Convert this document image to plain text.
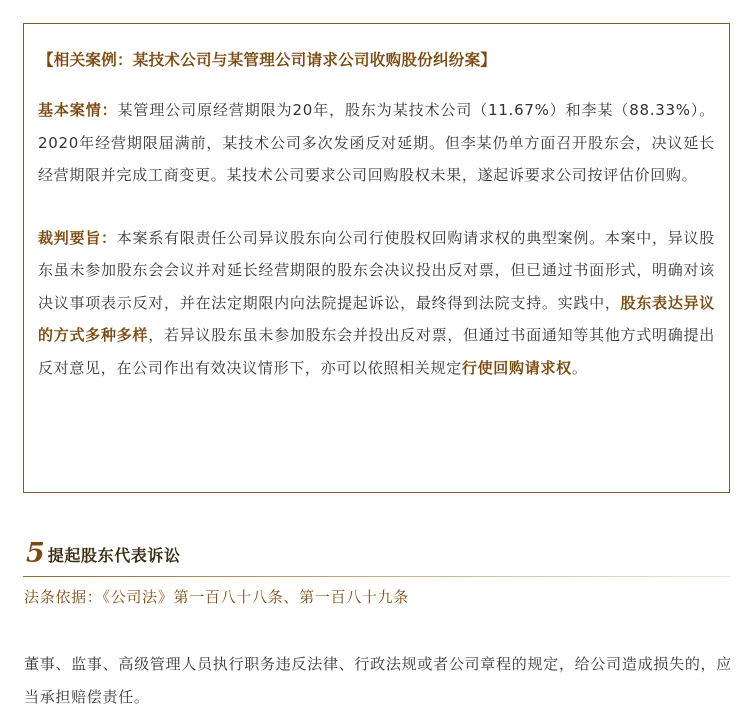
【相关案例：某技术公司与某管理公司请求公司收购股份纠纷案】
基本案情：某管理公司原经营期限为20年，股东为某技术公司（11.67%）和李某（88.33%）。2020年经营期限届满前，某技术公司多次发函反对延期。但李某仍单方面召开股东会，决议延长经营期限并完成工商变更。某技术公司要求公司回购股权未果，遂起诉要求公司按评估价回购。
裁判要旨：本案系有限责任公司异议股东向公司行使股权回购请求权的典型案例。本案中，异议股东虽未参加股东会会议并对延长经营期限的股东会决议投出反对票，但已通过书面形式，明确对该决议事项表示反对，并在法定期限内向法院提起诉讼，最终得到法院支持。实践中，股东表达异议的方式多种多样，若异议股东虽未参加股东会并投出反对票，但通过书面通知等其他方式明确提出反对意见，在公司作出有效决议情形下，亦可以依照相关规定行使回购请求权。
5 提起股东代表诉讼
法条依据：《公司法》第一百八十八条、第一百八十九条
董事、监事、高级管理人员执行职务违反法律、行政法规或者公司章程的规定，给公司造成损失的，应当承担赔偿责任。
